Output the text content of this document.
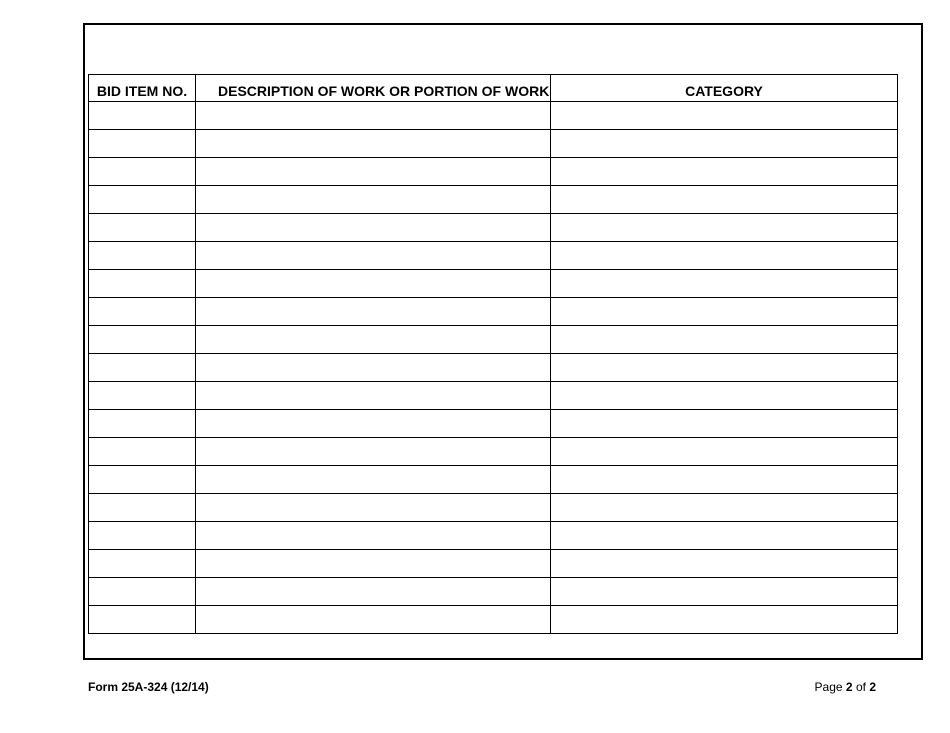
BID ITEM NO.	DESCRIPTION OF WORK OR PORTION OF WORK	CATEGORY

Form 25A-324 (12/14)	Page 2 of 2
